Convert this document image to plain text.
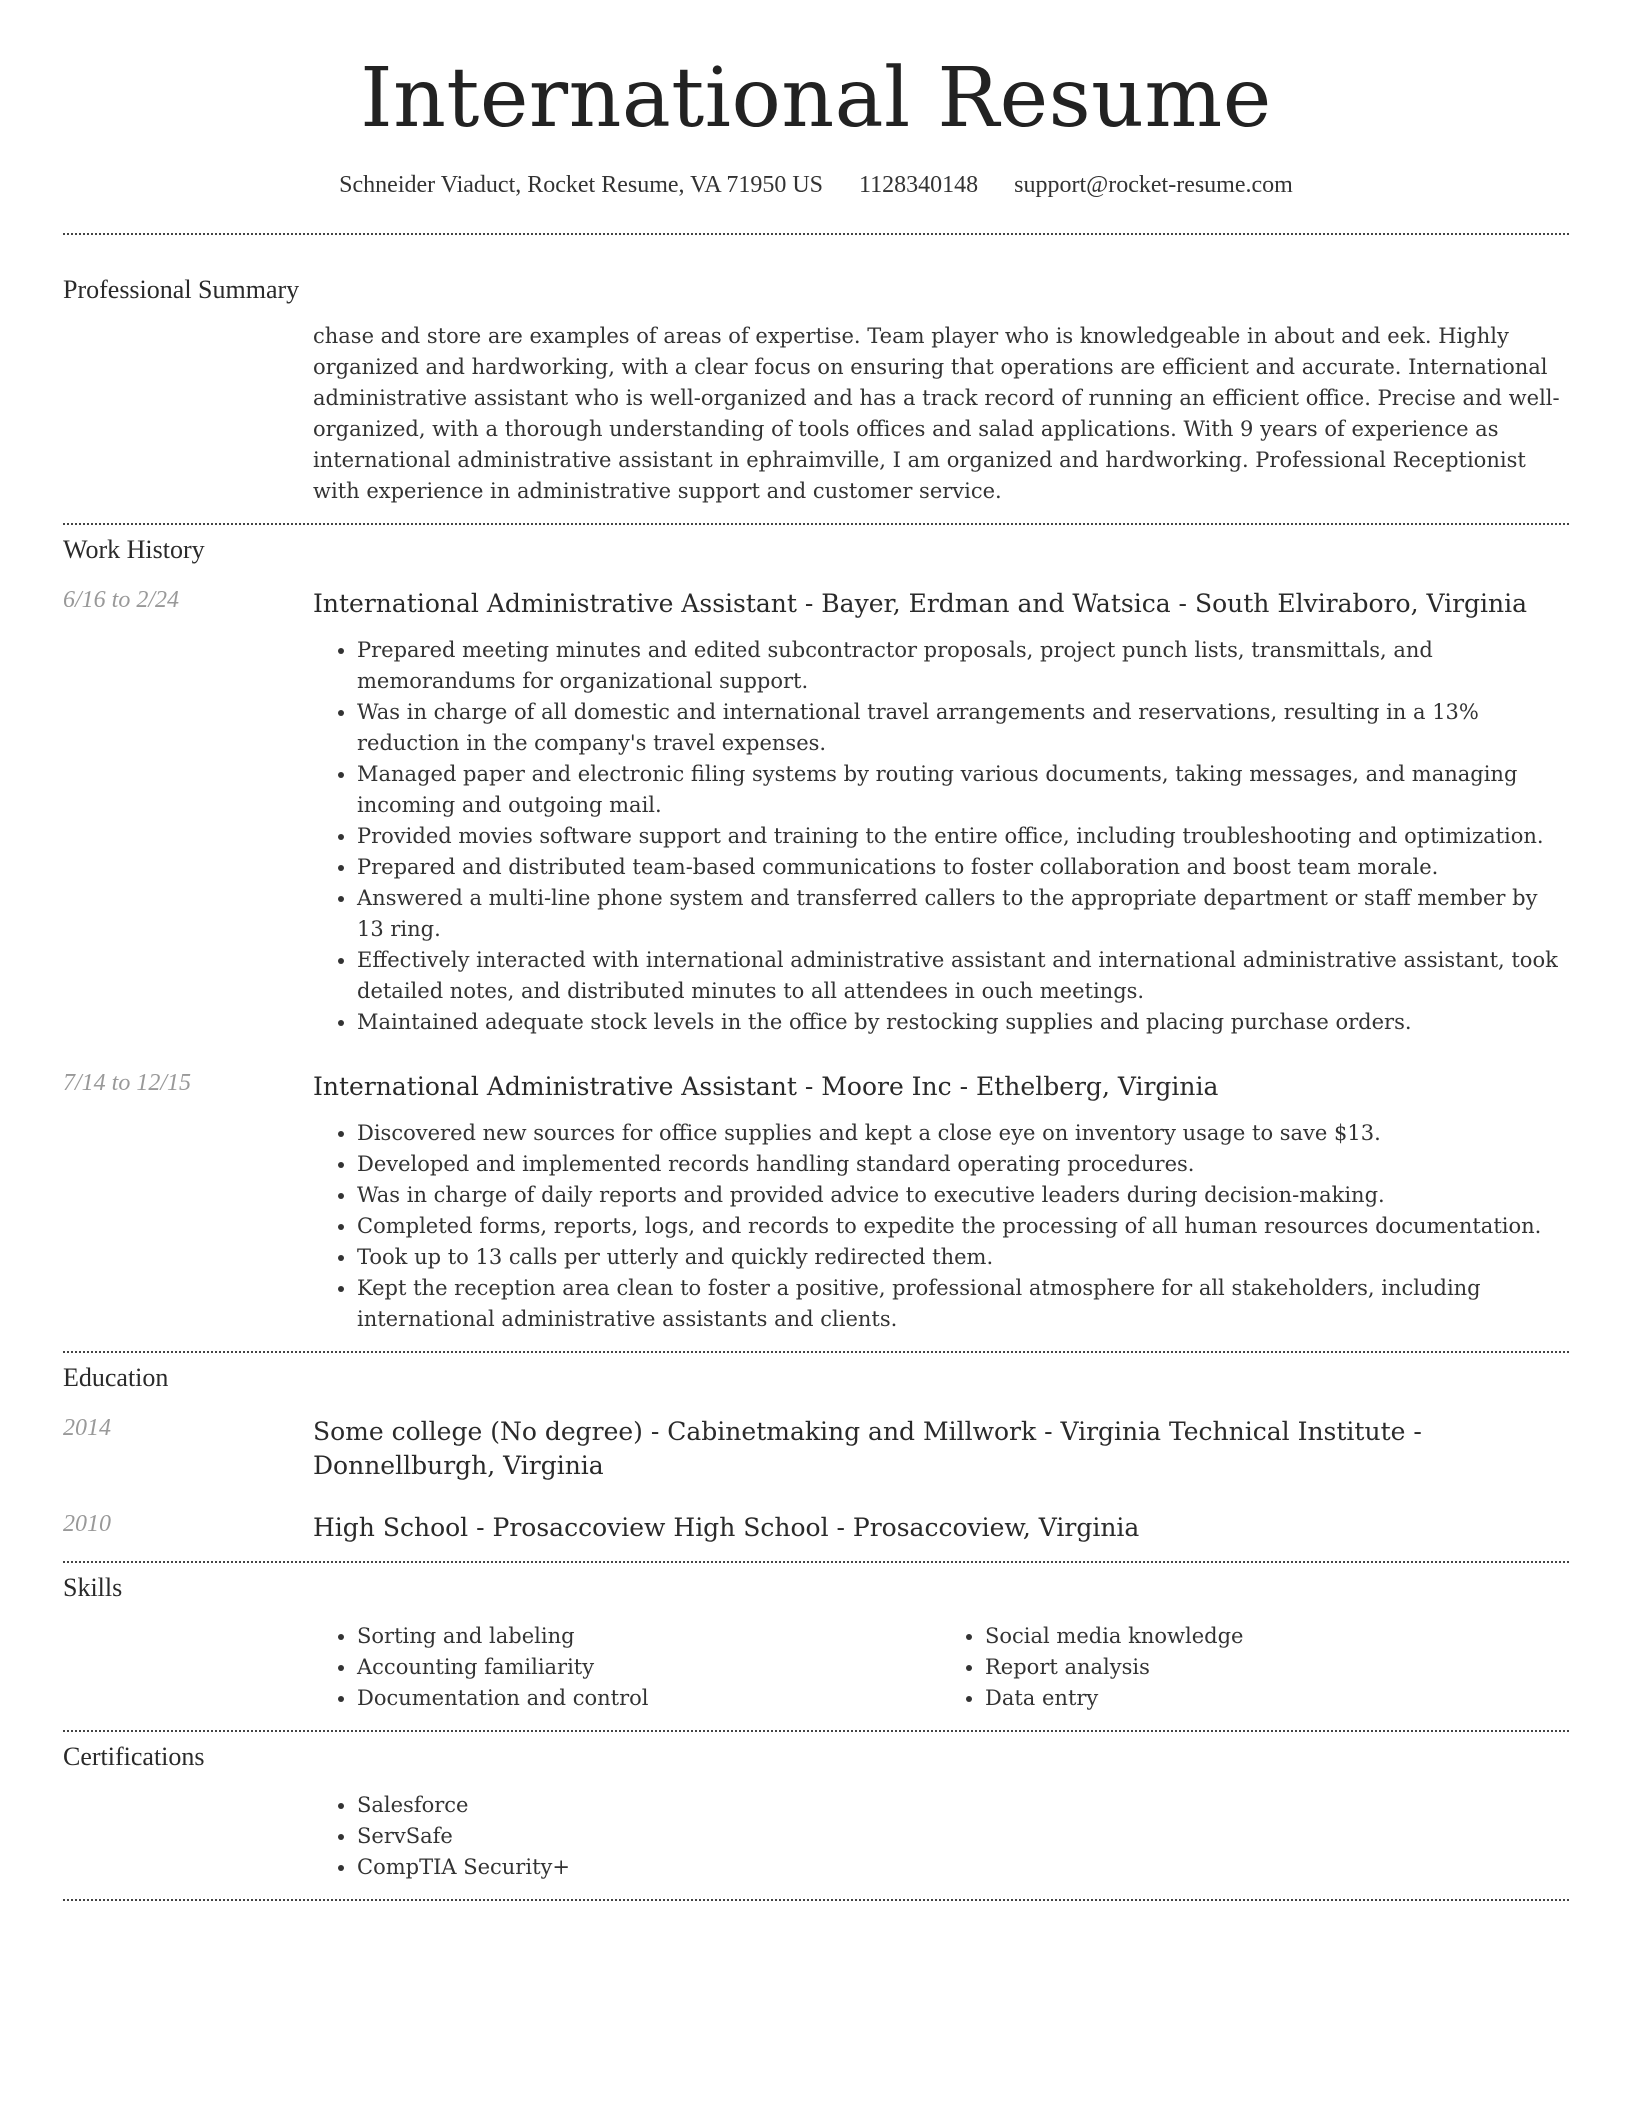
International Resume
Schneider Viaduct, Rocket Resume, VA 71950 US 1128340148 support@rocket-resume.com
Professional Summary
chase and store are examples of areas of expertise. Team player who is knowledgeable in about and eek. Highly organized and hardworking, with a clear focus on ensuring that operations are efficient and accurate. International administrative assistant who is well-organized and has a track record of running an efficient office. Precise and well-organized, with a thorough understanding of tools offices and salad applications. With 9 years of experience as international administrative assistant in ephraimville, I am organized and hardworking. Professional Receptionist with experience in administrative support and customer service.
Work History
6/16 to 2/24	International Administrative Assistant - Bayer, Erdman and Watsica - South Elviraboro, Virginia
• Prepared meeting minutes and edited subcontractor proposals, project punch lists, transmittals, and memorandums for organizational support.
• Was in charge of all domestic and international travel arrangements and reservations, resulting in a 13% reduction in the company's travel expenses.
• Managed paper and electronic filing systems by routing various documents, taking messages, and managing incoming and outgoing mail.
• Provided movies software support and training to the entire office, including troubleshooting and optimization.
• Prepared and distributed team-based communications to foster collaboration and boost team morale.
• Answered a multi-line phone system and transferred callers to the appropriate department or staff member by 13 ring.
• Effectively interacted with international administrative assistant and international administrative assistant, took detailed notes, and distributed minutes to all attendees in ouch meetings.
• Maintained adequate stock levels in the office by restocking supplies and placing purchase orders.
7/14 to 12/15	International Administrative Assistant - Moore Inc - Ethelberg, Virginia
• Discovered new sources for office supplies and kept a close eye on inventory usage to save $13.
• Developed and implemented records handling standard operating procedures.
• Was in charge of daily reports and provided advice to executive leaders during decision-making.
• Completed forms, reports, logs, and records to expedite the processing of all human resources documentation.
• Took up to 13 calls per utterly and quickly redirected them.
• Kept the reception area clean to foster a positive, professional atmosphere for all stakeholders, including international administrative assistants and clients.
Education
2014	Some college (No degree) - Cabinetmaking and Millwork - Virginia Technical Institute - Donnellburgh, Virginia
2010	High School - Prosaccoview High School - Prosaccoview, Virginia
Skills
• Sorting and labeling
• Accounting familiarity
• Documentation and control
• Social media knowledge
• Report analysis
• Data entry
Certifications
• Salesforce
• ServSafe
• CompTIA Security+
